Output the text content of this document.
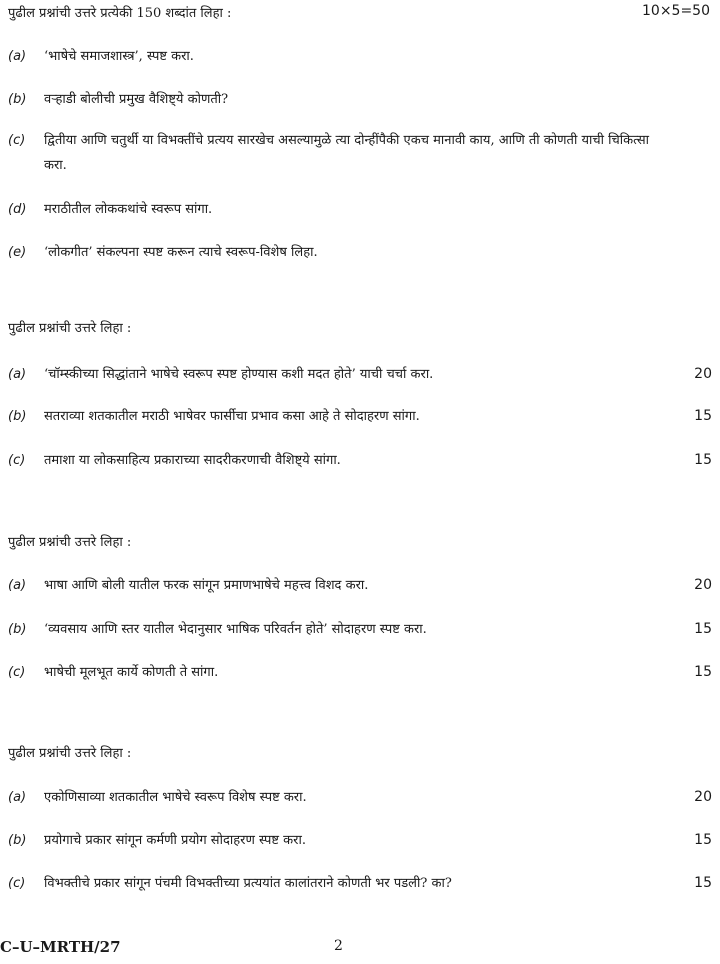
पुढील प्रश्नांची उत्तरे प्रत्येकी 150 शब्दांत लिहा :	10×5=50
(a) ‘भाषेचे समाजशास्त्र’, स्पष्ट करा.
(b) वऱ्हाडी बोलीची प्रमुख वैशिष्ट्ये कोणती?
(c) द्वितीया आणि चतुर्थी या विभक्तींचे प्रत्यय सारखेच असल्यामुळे त्या दोन्हींपैकी एकच मानावी काय, आणि ती कोणती याची चिकित्सा करा.
(d) मराठीतील लोककथांचे स्वरूप सांगा.
(e) ‘लोकगीत’ संकल्पना स्पष्ट करून त्याचे स्वरूप-विशेष लिहा.
पुढील प्रश्नांची उत्तरे लिहा :
(a) ‘चॉम्स्कीच्या सिद्धांताने भाषेचे स्वरूप स्पष्ट होण्यास कशी मदत होते’ याची चर्चा करा.	20
(b) सतराव्या शतकातील मराठी भाषेवर फार्सीचा प्रभाव कसा आहे ते सोदाहरण सांगा.	15
(c) तमाशा या लोकसाहित्य प्रकाराच्या सादरीकरणाची वैशिष्ट्ये सांगा.	15
पुढील प्रश्नांची उत्तरे लिहा :
(a) भाषा आणि बोली यातील फरक सांगून प्रमाणभाषेचे महत्त्व विशद करा.	20
(b) ‘व्यवसाय आणि स्तर यातील भेदानुसार भाषिक परिवर्तन होते’ सोदाहरण स्पष्ट करा.	15
(c) भाषेची मूलभूत कार्ये कोणती ते सांगा.	15
पुढील प्रश्नांची उत्तरे लिहा :
(a) एकोणिसाव्या शतकातील भाषेचे स्वरूप विशेष स्पष्ट करा.	20
(b) प्रयोगाचे प्रकार सांगून कर्मणी प्रयोग सोदाहरण स्पष्ट करा.	15
(c) विभक्तीचे प्रकार सांगून पंचमी विभक्तीच्या प्रत्ययांत कालांतराने कोणती भर पडली? का?	15
C–U–MRTH/27	2
